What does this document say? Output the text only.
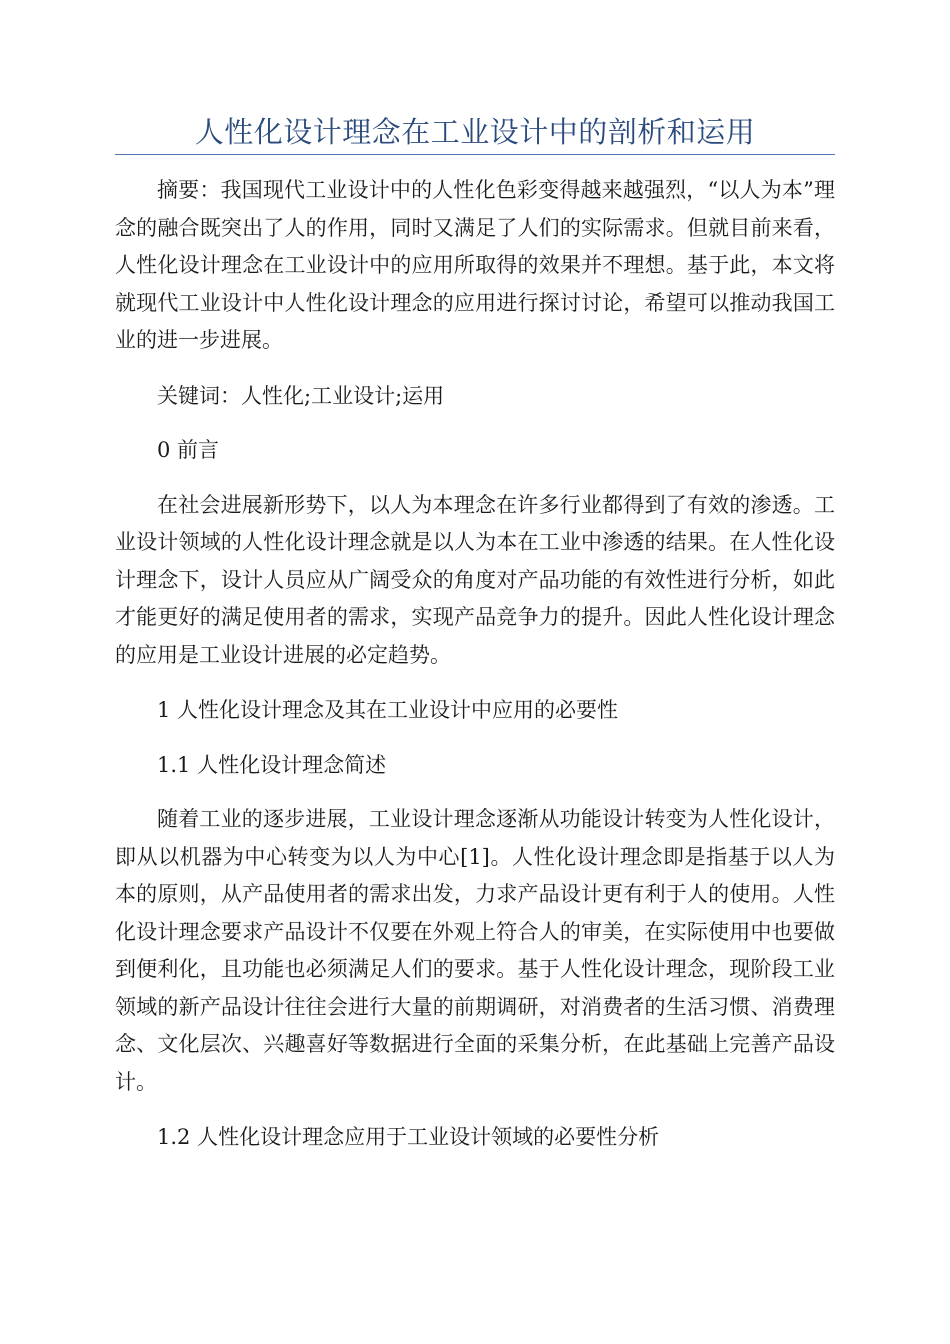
人性化设计理念在工业设计中的剖析和运用

摘要：我国现代工业设计中的人性化色彩变得越来越强烈，“以人为本”理念的融合既突出了人的作用，同时又满足了人们的实际需求。但就目前来看，人性化设计理念在工业设计中的应用所取得的效果并不理想。基于此，本文将就现代工业设计中人性化设计理念的应用进行探讨讨论，希望可以推动我国工业的进一步进展。

关键词：人性化;工业设计;运用

0 前言

在社会进展新形势下，以人为本理念在许多行业都得到了有效的渗透。工业设计领域的人性化设计理念就是以人为本在工业中渗透的结果。在人性化设计理念下，设计人员应从广阔受众的角度对产品功能的有效性进行分析，如此才能更好的满足使用者的需求，实现产品竞争力的提升。因此人性化设计理念的应用是工业设计进展的必定趋势。

1 人性化设计理念及其在工业设计中应用的必要性

1.1 人性化设计理念简述

随着工业的逐步进展，工业设计理念逐渐从功能设计转变为人性化设计，即从以机器为中心转变为以人为中心[1]。人性化设计理念即是指基于以人为本的原则，从产品使用者的需求出发，力求产品设计更有利于人的使用。人性化设计理念要求产品设计不仅要在外观上符合人的审美，在实际使用中也要做到便利化，且功能也必须满足人们的要求。基于人性化设计理念，现阶段工业领域的新产品设计往往会进行大量的前期调研，对消费者的生活习惯、消费理念、文化层次、兴趣喜好等数据进行全面的采集分析，在此基础上完善产品设计。

1.2 人性化设计理念应用于工业设计领域的必要性分析
